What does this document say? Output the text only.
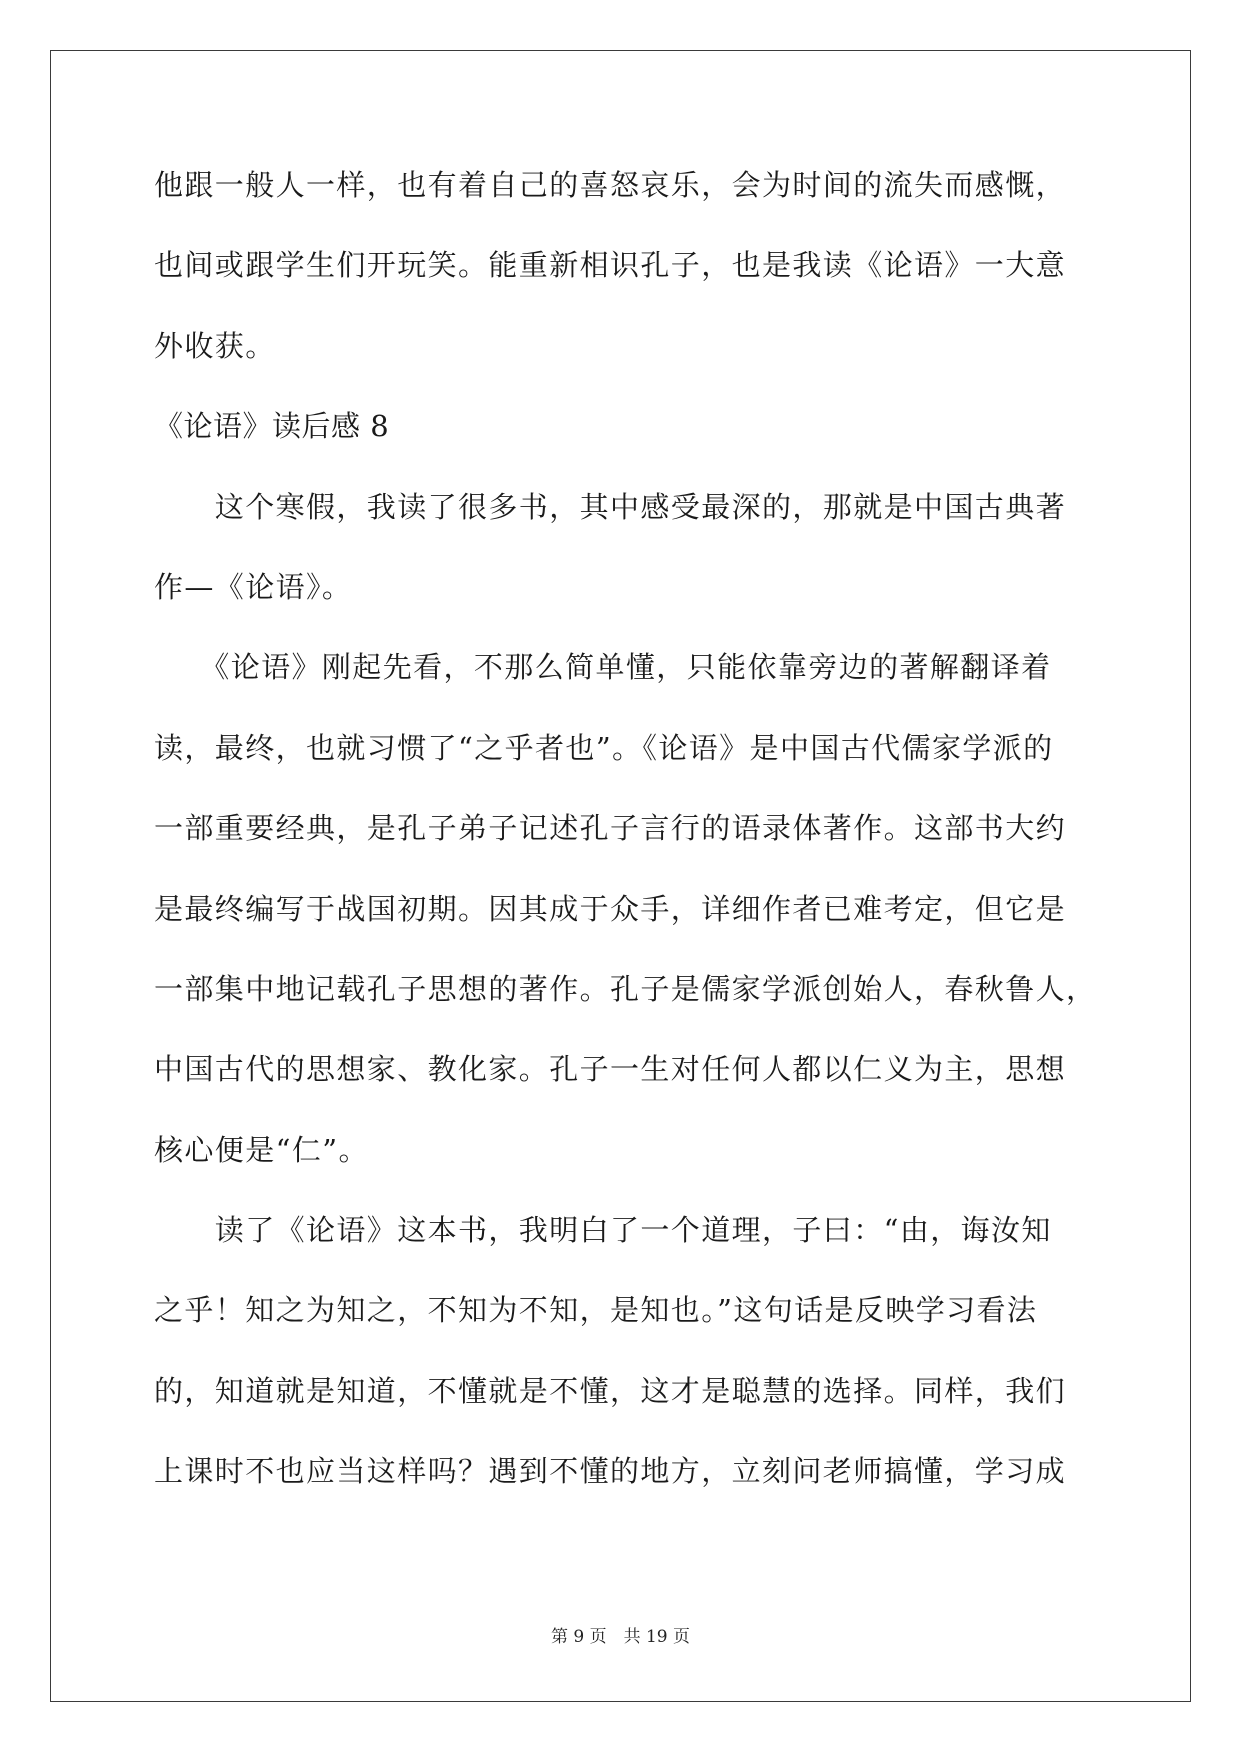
他跟一般人一样，也有着自己的喜怒哀乐，会为时间的流失而感慨，
也间或跟学生们开玩笑。能重新相识孔子，也是我读《论语》一大意
外收获。
《论语》读后感 8
　　这个寒假，我读了很多书，其中感受最深的，那就是中国古典著
作—《论语》。
　　《论语》刚起先看，不那么简单懂，只能依靠旁边的著解翻译着
读，最终，也就习惯了“之乎者也”。《论语》是中国古代儒家学派的
一部重要经典，是孔子弟子记述孔子言行的语录体著作。这部书大约
是最终编写于战国初期。因其成于众手，详细作者已难考定，但它是
一部集中地记载孔子思想的著作。孔子是儒家学派创始人，春秋鲁人，
中国古代的思想家、教化家。孔子一生对任何人都以仁义为主，思想
核心便是“仁”。
　　读了《论语》这本书，我明白了一个道理，子曰：“由，诲汝知
之乎！知之为知之，不知为不知，是知也。”这句话是反映学习看法
的，知道就是知道，不懂就是不懂，这才是聪慧的选择。同样，我们
上课时不也应当这样吗？遇到不懂的地方，立刻问老师搞懂，学习成
第 9 页　共 19 页
